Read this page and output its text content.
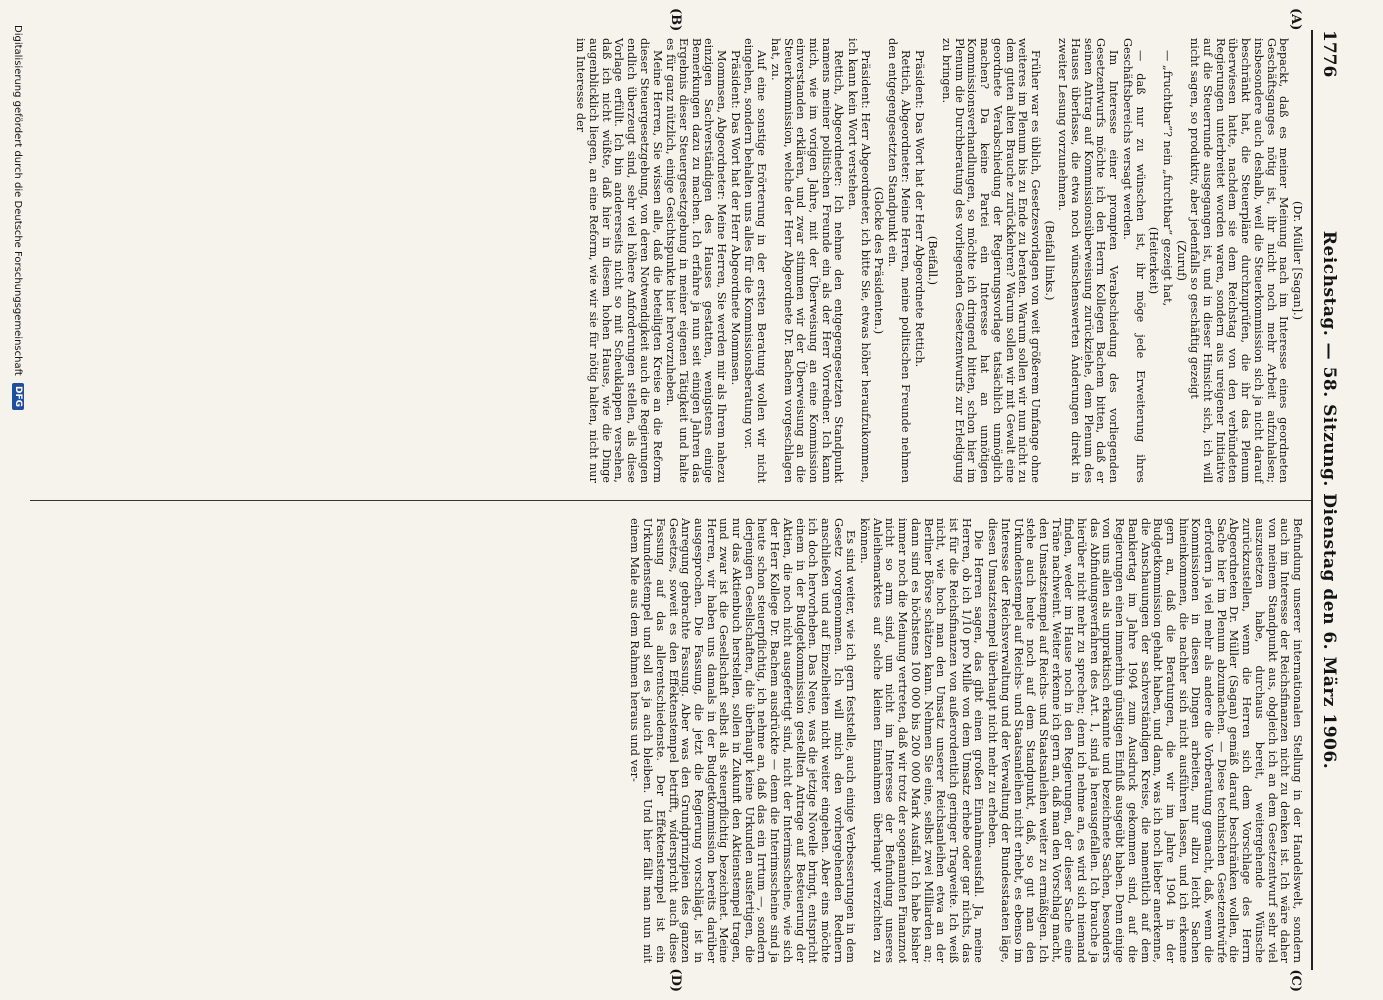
1776
Reichstag. — 58. Sitzung. Dienstag den 6. März 1906.
(A)
(B)
(C)
(D)

(Dr. Müller [Sagan].)

bepackt, daß es meiner Meinung nach im Interesse eines geordneten Geschäftsganges nötig ist, ihr nicht noch mehr Arbeit aufzuhalsen; insbesondere auch deshalb, weil die Steuerkommission sich ja nicht darauf beschränkt hat, die Steuerpläne durchzuprüfen, die ihr das Plenum überwiesen hatte, nachdem sie dem Reichstag von den verbündeten Regierungen unterbreitet worden waren, sondern aus ureigener Initiative auf die Steuerrunde ausgegangen ist, und in dieser Hinsicht sich, ich will nicht sagen, so produktiv, aber jedenfalls so geschäftig gezeigt

(Zuruf)

— „fruchtbar“? nein „furchtbar“ gezeigt hat,

(Heiterkeit)

— daß nur zu wünschen ist, ihr möge jede Erweiterung ihres Geschäftsbereichs versagt werden.

Im Interesse einer prompten Verabschiedung des vorliegenden Gesetzentwurfs möchte ich den Herrn Kollegen Bachem bitten, daß er seinen Antrag auf Kommissionsüberweisung zurückziehe, dem Plenum des Hauses überlasse, die etwa noch wünschenswerten Änderungen direkt in zweiter Lesung vorzunehmen.

(Beifall links.)

Früher war es üblich, Gesetzesvorlagen von weit größerem Umfange ohne weiteres im Plenum bis zu Ende zu beraten. Warum sollen wir nun nicht zu dem guten alten Brauche zurückkehren? Warum sollen wir mit Gewalt eine geordnete Verabschiedung der Regierungsvorlage tatsächlich unmöglich machen? Da keine Partei ein Interesse hat an unnötigen Kommissionsverhandlungen, so möchte ich dringend bitten, schon hier im Plenum die Durchberatung des vorliegenden Gesetzentwurfs zur Erledigung zu bringen.

(Beifall.)

Präsident: Das Wort hat der Herr Abgeordnete Rettich.

Rettich, Abgeordneter: Meine Herren, meine politischen Freunde nehmen den entgegengesetzten Standpunkt ein.

(Glocke des Präsidenten.)

Präsident: Herr Abgeordneter, ich bitte Sie, etwas höher heraufzukommen, ich kann kein Wort verstehen.

Rettich, Abgeordneter: Ich nehme den entgegengesetzten Standpunkt namens meiner politischen Freunde ein als der Herr Vorredner. Ich kann mich, wie im vorigen Jahre, mit der Überweisung an eine Kommission einverstanden erklären, und zwar stimmen wir der Überweisung an die Steuerkommission, welche der Herr Abgeordnete Dr. Bachem vorgeschlagen hat, zu.

Auf eine sonstige Erörterung in der ersten Beratung wollen wir nicht eingehen, sondern behalten uns alles für die Kommissionsberatung vor.

Präsident: Das Wort hat der Herr Abgeordnete Mommsen.

Mommsen, Abgeordneter: Meine Herren, Sie werden mir als Ihrem nahezu einzigen Sachverständigen des Hauses gestatten, wenigstens einige Bemerkungen dazu zu machen. Ich erfahre ja nun seit einigen Jahren das Ergebnis dieser Steuergesetzgebung in meiner eigenen Tätigkeit und halte es für ganz nützlich, einige Gesichtspunkte hier hervorzuheben.

Meine Herren, Sie wissen alle, daß die beteiligten Kreise an die Reform dieser Steuergesetzgebung, von deren Notwendigkeit auch die Regierungen endlich überzeugt sind, sehr viel höhere Anforderungen stellen, als diese Vorlage erfüllt. Ich bin andererseits nicht so mit Scheuklappen versehen, daß ich nicht wüßte, daß hier in diesem hohen Hause, wie die Dinge augenblicklich liegen, an eine Reform, wie wir sie für nötig halten, nicht nur im Interesse der

Befundung unserer internationalen Stellung in der Handelswelt, sondern auch im Interesse der Reichsfinanzen nicht zu denken ist. Ich wäre daher von meinem Standpunkt aus, obgleich ich an dem Gesetzentwurf sehr viel auszusetzen habe, durchaus bereit, weitergehende Wünsche zurückzustellen, wenn die Herren sich dem Vorschlage des Herrn Abgeordneten Dr. Müller (Sagan) gemäß darauf beschränken wollen, die Sache hier im Plenum abzumachen. — Diese technischen Gesetzentwürfe erfordern ja viel mehr als andere die Vorberatung gemacht, daß, wenn die Kommissionen in diesen Dingen arbeiten, nur allzu leicht Sachen hineinkommen, die nachher sich nicht ausführen lassen, und ich erkenne gern an, daß die Beratungen, die wir im Jahre 1904 in der Budgetkommission gehabt haben, und dann, was ich noch lieber anerkenne, die Anschauungen der sachverständigen Kreise, die namentlich auf dem Bankiertag im Jahre 1904 zum Ausdruck gekommen sind, auf die Regierungen einen immerhin günstigen Einfluß ausgeübt haben. Denn einige von uns allen als unpraktisch erkannte und bezeichnete Sachen, besonders das Abfindungsverfahren des Art. 1, sind ja herausgefallen. Ich brauche ja hierüber nicht mehr zu sprechen; denn ich nehme an, es wird sich niemand finden, weder im Hause noch in den Regierungen, der dieser Sache eine Träne nachweint. Weiter erkenne ich gern an, daß man den Vorschlag macht, den Umsatzstempel auf Reichs- und Staatsanleihen weiter zu ermäßigen. Ich stehe auch heute noch auf dem Standpunkt, daß, so gut man den Urkundenstempel auf Reichs- und Staatsanleihen nicht erhebt, es ebenso im Interesse der Reichsverwaltung und der Verwaltung der Bundesstaaten läge, diesen Umsatzstempel überhaupt nicht mehr zu erheben.

Die Herren sagen, das gibt einen großen Einnahmeausfall. Ja, meine Herren, ob ich 1/10 pro Mille von dem Umsatz erhebe oder gar nichts, das ist für die Reichsfinanzen von außerordentlich geringer Tragweite. Ich weiß nicht, wie hoch man den Umsatz unserer Reichsanleihen etwa an der Berliner Börse schätzen kann. Nehmen Sie eine, selbst zwei Milliarden an; dann sind es höchstens 100 000 bis 200 000 Mark Ausfall. Ich habe bisher immer noch die Meinung vertreten, daß wir trotz der sogenannten Finanznot nicht so arm sind, um nicht im Interesse der Befundung unseres Anleihemarktes auf solche kleinen Einnahmen überhaupt verzichten zu können.

Es sind weiter, wie ich gern feststelle, auch einige Verbesserungen in dem Gesetz vorgenommen. Ich will mich den vorhergehenden Rednern anschließen und auf Einzelheiten nicht weiter eingehen. Aber eins möchte ich doch hervorheben. Das Neue, was die jetzige Novelle bringt, entspricht einem in der Budgetkommission gestellten Antrage auf Besteuerung der Aktien, die noch nicht ausgefertigt sind, nicht der Interimsscheine, wie sich der Herr Kollege Dr. Bachem ausdrückte — denn die Interimsscheine sind ja heute schon steuerpflichtig, ich nehme an, daß das ein Irrtum —, sondern derjenigen Gesellschaften, die überhaupt keine Urkunden ausfertigen, die nur das Aktienbuch herstellen, sollen in Zukunft den Aktienstempel tragen, und zwar ist die Gesellschaft selbst als steuerpflichtig bezeichnet. Meine Herren, wir haben uns damals in der Budgetkommission bereits darüber ausgesprochen. Die Fassung, die jetzt die Regierung vorschlägt, ist in Anregung gebrachte Fassung. Aber was den Grundprinzipien des ganzen Gesetzes, soweit es den Effektenstempel betrifft, widerspricht auch diese Fassung auf das allerentschiedenste. Der Effektenstempel ist ein Urkundenstempel und soll es ja auch bleiben. Und hier fällt man nun mit einem Male aus dem Rahmen heraus und ver-

Digitalisierung gefördert durch die Deutsche Forschungsgemeinschaft DFG
